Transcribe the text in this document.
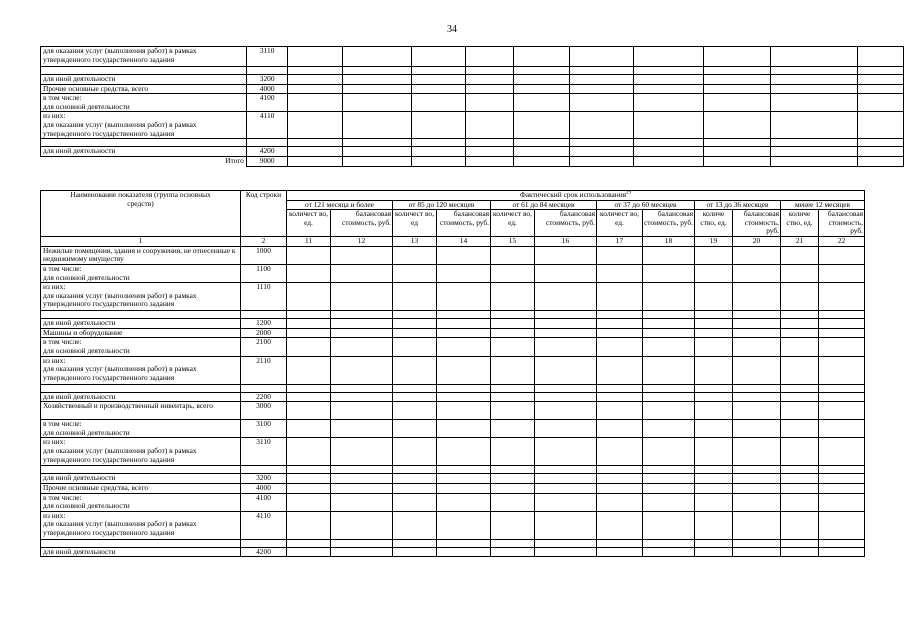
34
для оказания услуг (выполнения работ) в рамках утвержденного государственного задания	3110										

для иной деятельности	3200										
Прочие основные средства, всего	4000										
в том числе:
для основной деятельности	4100										
из них:
для оказания услуг (выполнения работ) в рамках утвержденного государственного задания	4110										

для иной деятельности	4200										
Итого	9000										
Наименование показателя (группа основных средств)	Код строки	Фактический срок использования$^{29}$
		от 121 месяца и более		от 85 до 120 месяцев		от 61 до 84 месяцев		от 37 до 60 месяцев		от 13 до 36 месяцев		менее 12 месяцев	
		количест во, ед.	балансовая стоимость, руб.	количест во, ед	балансовая стоимость, руб.	количест во, ед.	балансовая стоимость, руб.	количест во, ед.	балансовая стоимость, руб.	количе ство, ед.	балансовая стоимость, руб.	количе ство, ед.	балансовая стоимость, руб.
1	2	11	12	13	14	15	16	17	18	19	20	21	22
Нежилые помещения, здания и сооружения, не отнесенные к недвижимому имуществу	1000												
в том числе:
для основной деятельности	1100												
из них:
для оказания услуг (выполнения работ) в рамках утвержденного государственного задания	1110												

для иной деятельности	1200												
Машины и оборудование	2000												
в том числе:
для основной деятельности	2100												
из них:
для оказания услуг (выполнения работ) в рамках утвержденного государственного задания	2110												

для иной деятельности	2200												
Хозяйственный и производственный инвентарь, всего	3000												
в том числе:
для основной деятельности	3100												
из них:
для оказания услуг (выполнения работ) в рамках утвержденного государственного задания	3110												

для иной деятельности	3200												
Прочие основные средства, всего	4000												
в том числе:
для основной деятельности	4100												
из них:
для оказания услуг (выполнения работ) в рамках утвержденного государственного задания	4110												

для иной деятельности	4200												
